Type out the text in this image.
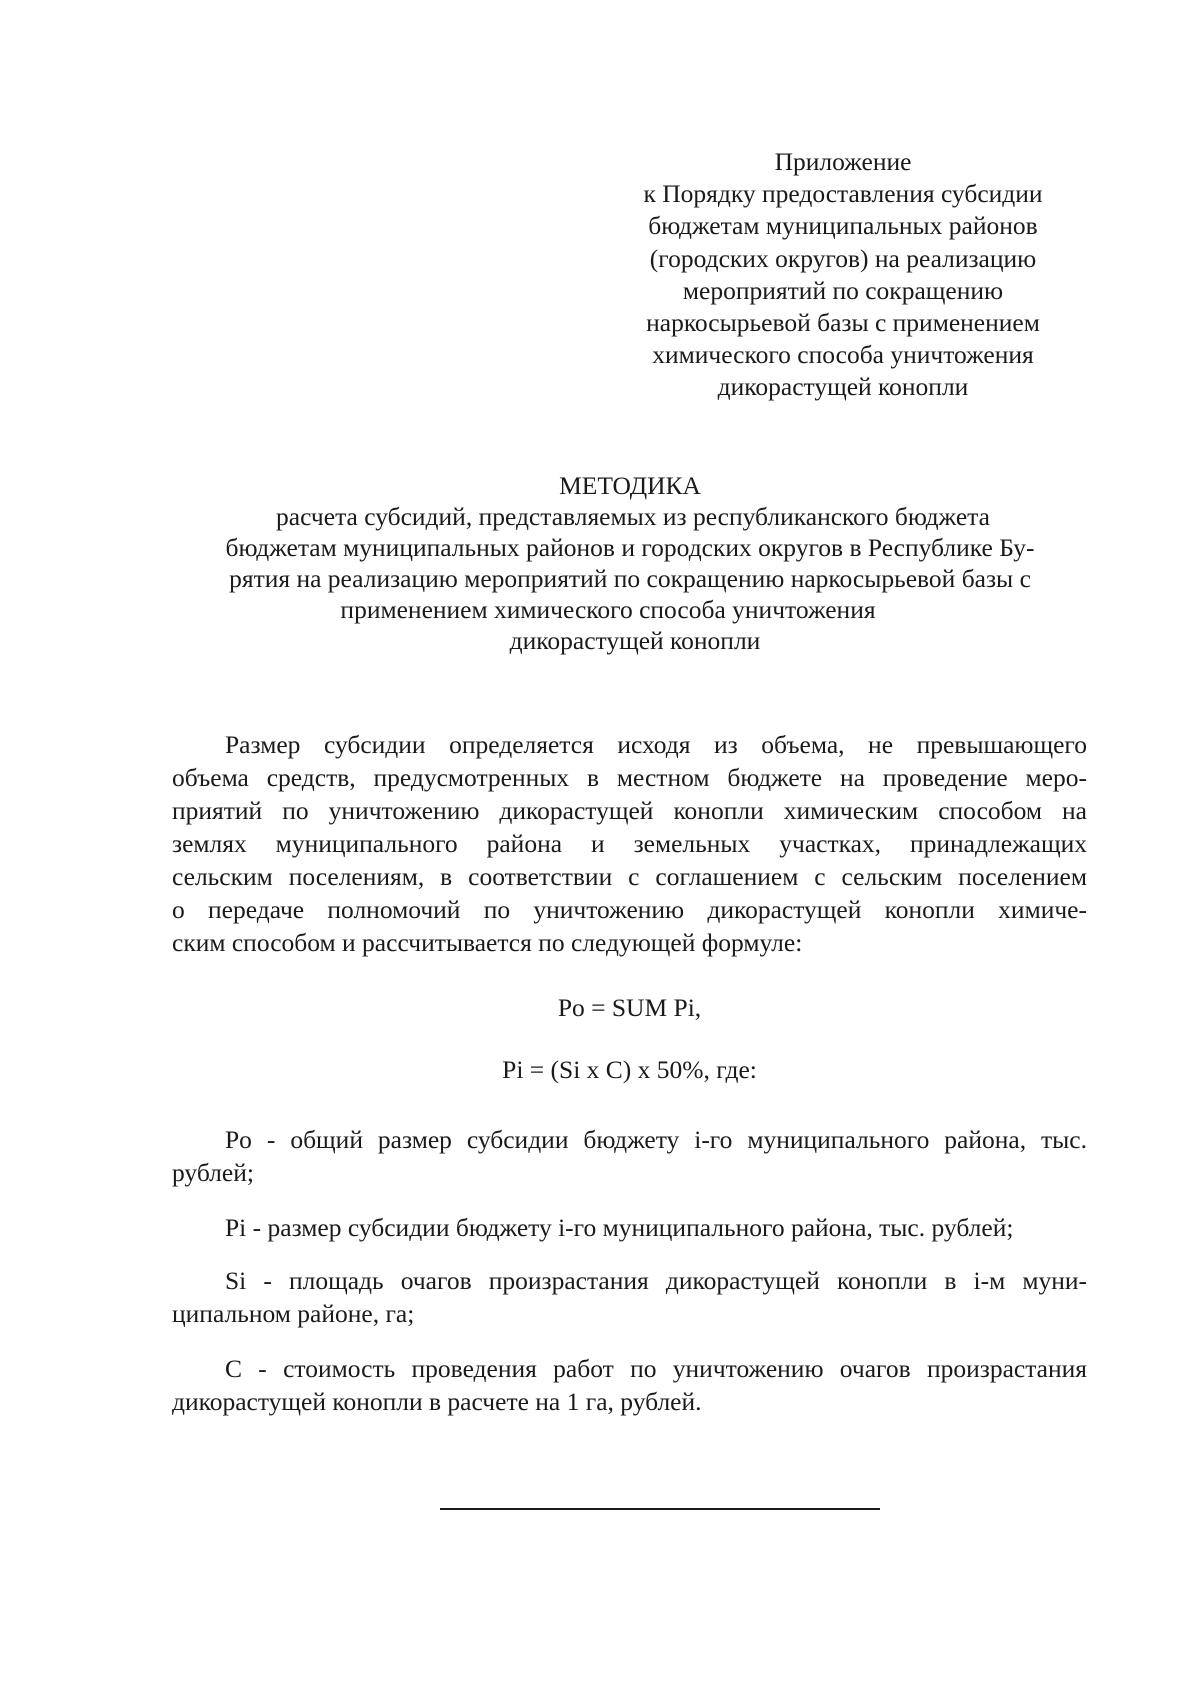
Приложение
к Порядку предоставления субсидии
бюджетам муниципальных районов
(городских округов) на реализацию
мероприятий по сокращению
наркосырьевой базы с применением
химического способа уничтожения
дикорастущей конопли
МЕТОДИКА
расчета субсидий, представляемых из республиканского бюджета
бюджетам муниципальных районов и городских округов в Республике Бу-
рятия на реализацию мероприятий по сокращению наркосырьевой базы с
применением химического способа уничтожения
дикорастущей конопли
Размер субсидии определяется исходя из объема, не превышающего
объема средств, предусмотренных в местном бюджете на проведение меро-
приятий по уничтожению дикорастущей конопли химическим способом на
землях муниципального района и земельных участках, принадлежащих
сельским поселениям, в соответствии с соглашением с сельским поселением
о передаче полномочий по уничтожению дикорастущей конопли химиче-
ским способом и рассчитывается по следующей формуле:
Po = SUM Pi,
Pi = (Si x C) x 50%, где:
Po - общий размер субсидии бюджету i-го муниципального района, тыс.
рублей;
Pi - размер субсидии бюджету i-го муниципального района, тыс. рублей;
Si - площадь очагов произрастания дикорастущей конопли в i-м муни-
ципальном районе, га;
C - стоимость проведения работ по уничтожению очагов произрастания
дикорастущей конопли в расчете на 1 га, рублей.
